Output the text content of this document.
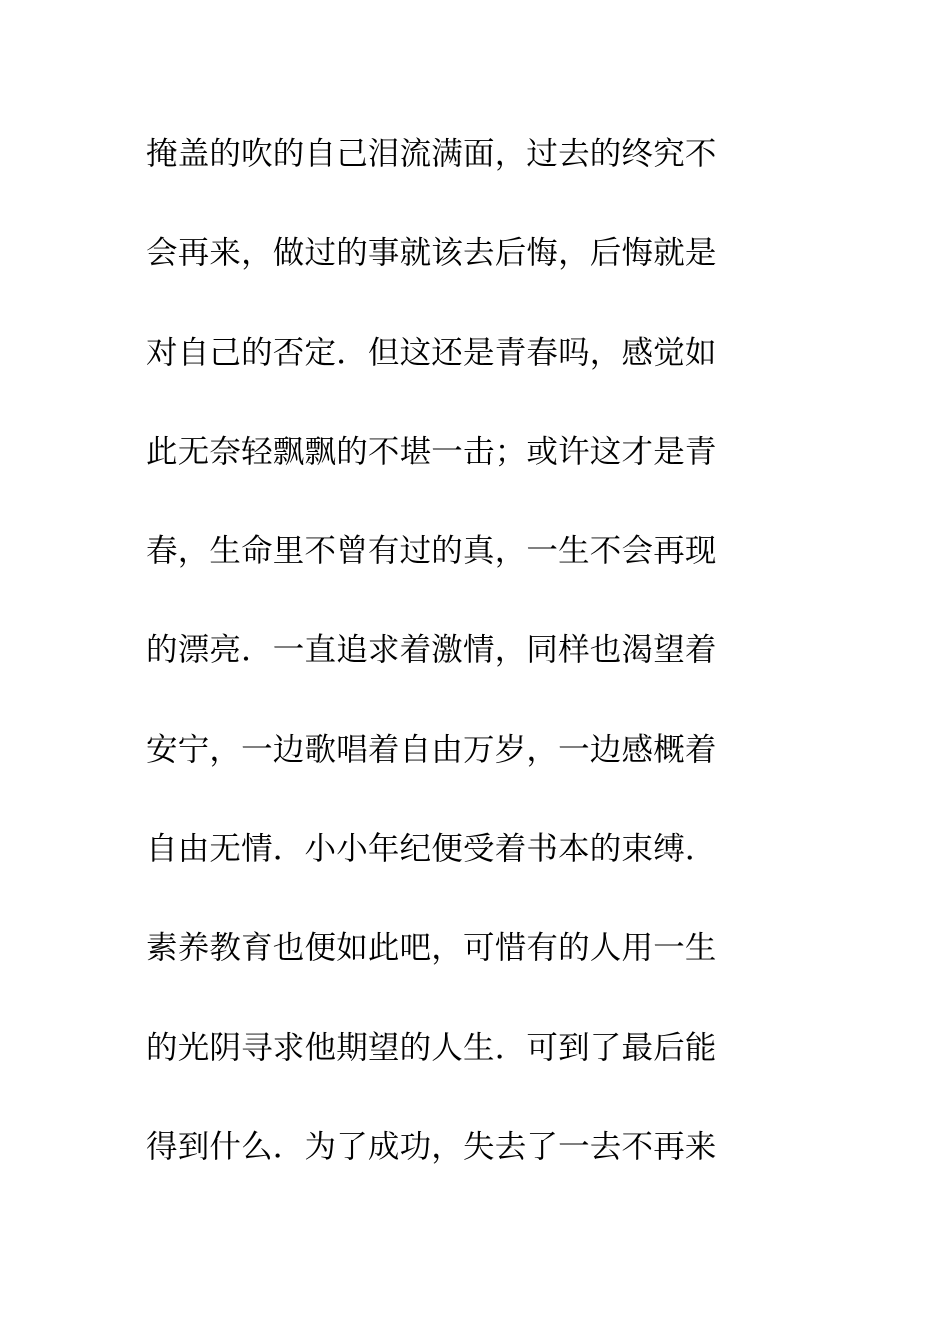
掩盖的吹的自己泪流满面，过去的终究不
会再来，做过的事就该去后悔，后悔就是
对自己的否定．但这还是青春吗，感觉如
此无奈轻飘飘的不堪一击；或许这才是青
春，生命里不曾有过的真，一生不会再现
的漂亮．一直追求着激情，同样也渴望着
安宁，一边歌唱着自由万岁，一边感概着
自由无情．小小年纪便受着书本的束缚．
素养教育也便如此吧，可惜有的人用一生
的光阴寻求他期望的人生．可到了最后能
得到什么．为了成功，失去了一去不再来
